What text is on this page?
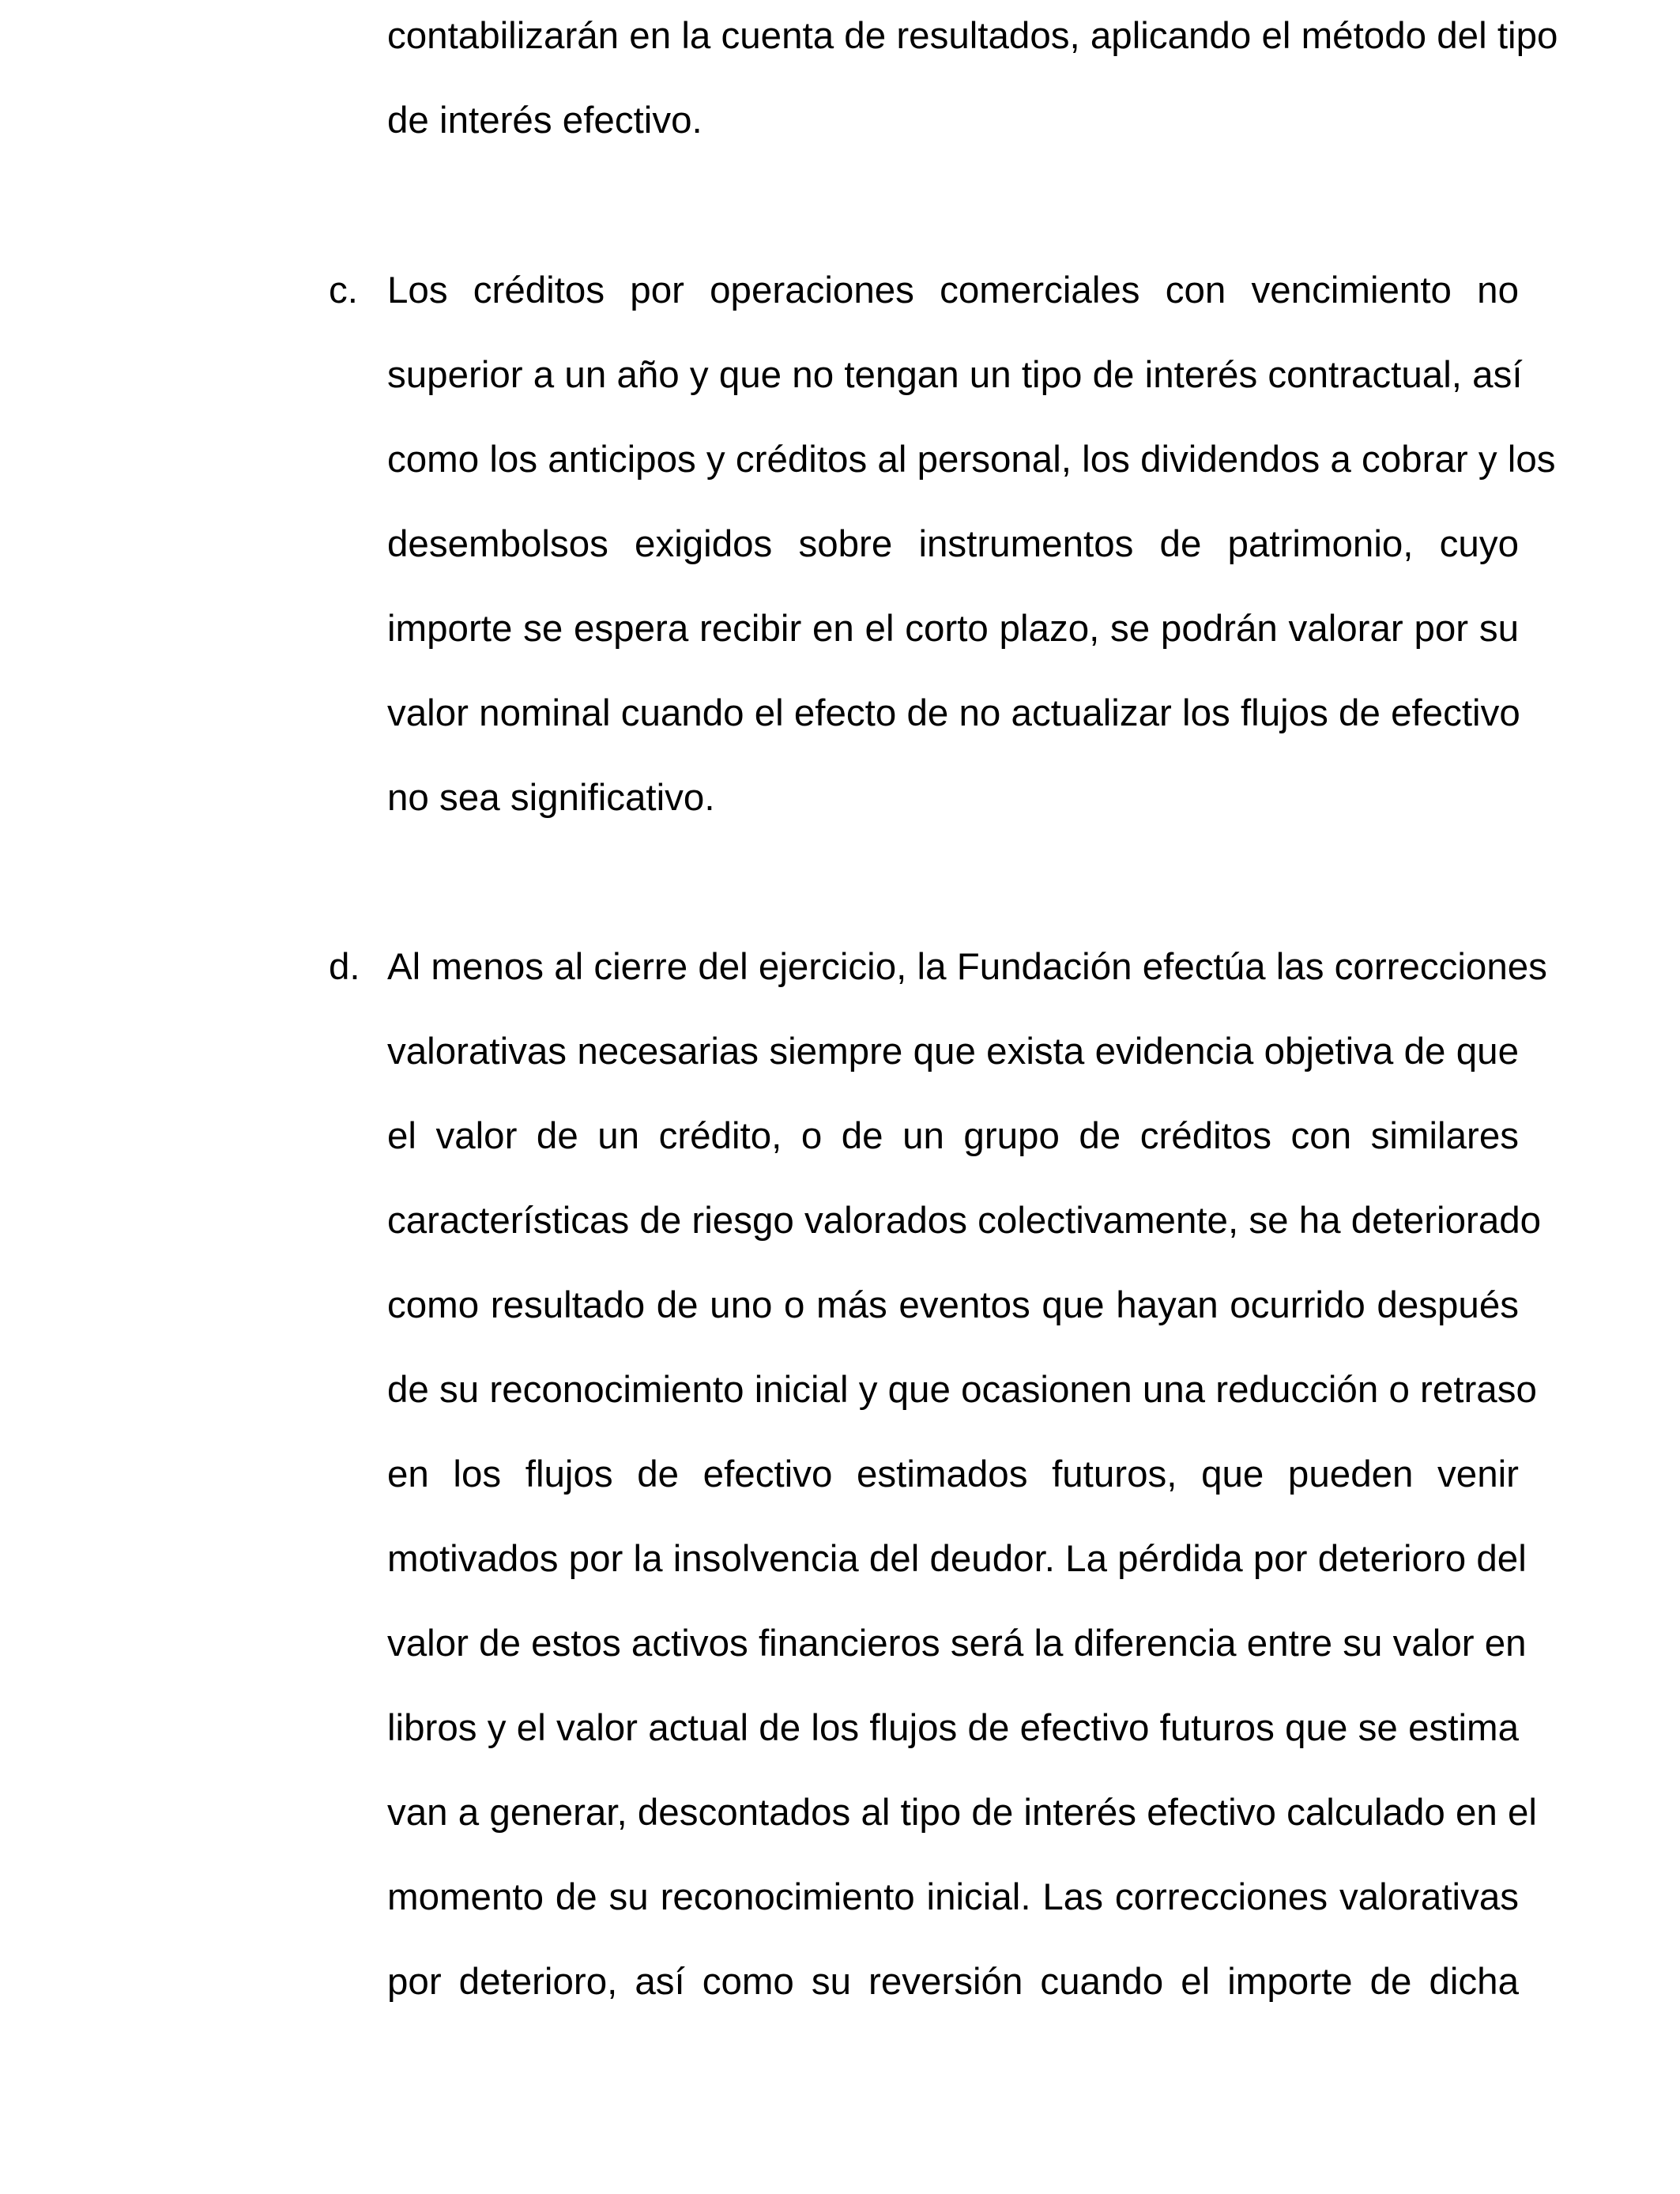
contabilizarán en la cuenta de resultados, aplicando el método del tipo
de interés efectivo.
c. Los créditos por operaciones comerciales con vencimiento no
superior a un año y que no tengan un tipo de interés contractual, así
como los anticipos y créditos al personal, los dividendos a cobrar y los
desembolsos exigidos sobre instrumentos de patrimonio, cuyo
importe se espera recibir en el corto plazo, se podrán valorar por su
valor nominal cuando el efecto de no actualizar los flujos de efectivo
no sea significativo.
d. Al menos al cierre del ejercicio, la Fundación efectúa las correcciones
valorativas necesarias siempre que exista evidencia objetiva de que
el valor de un crédito, o de un grupo de créditos con similares
características de riesgo valorados colectivamente, se ha deteriorado
como resultado de uno o más eventos que hayan ocurrido después
de su reconocimiento inicial y que ocasionen una reducción o retraso
en los flujos de efectivo estimados futuros, que pueden venir
motivados por la insolvencia del deudor. La pérdida por deterioro del
valor de estos activos financieros será la diferencia entre su valor en
libros y el valor actual de los flujos de efectivo futuros que se estima
van a generar, descontados al tipo de interés efectivo calculado en el
momento de su reconocimiento inicial. Las correcciones valorativas
por deterioro, así como su reversión cuando el importe de dicha
